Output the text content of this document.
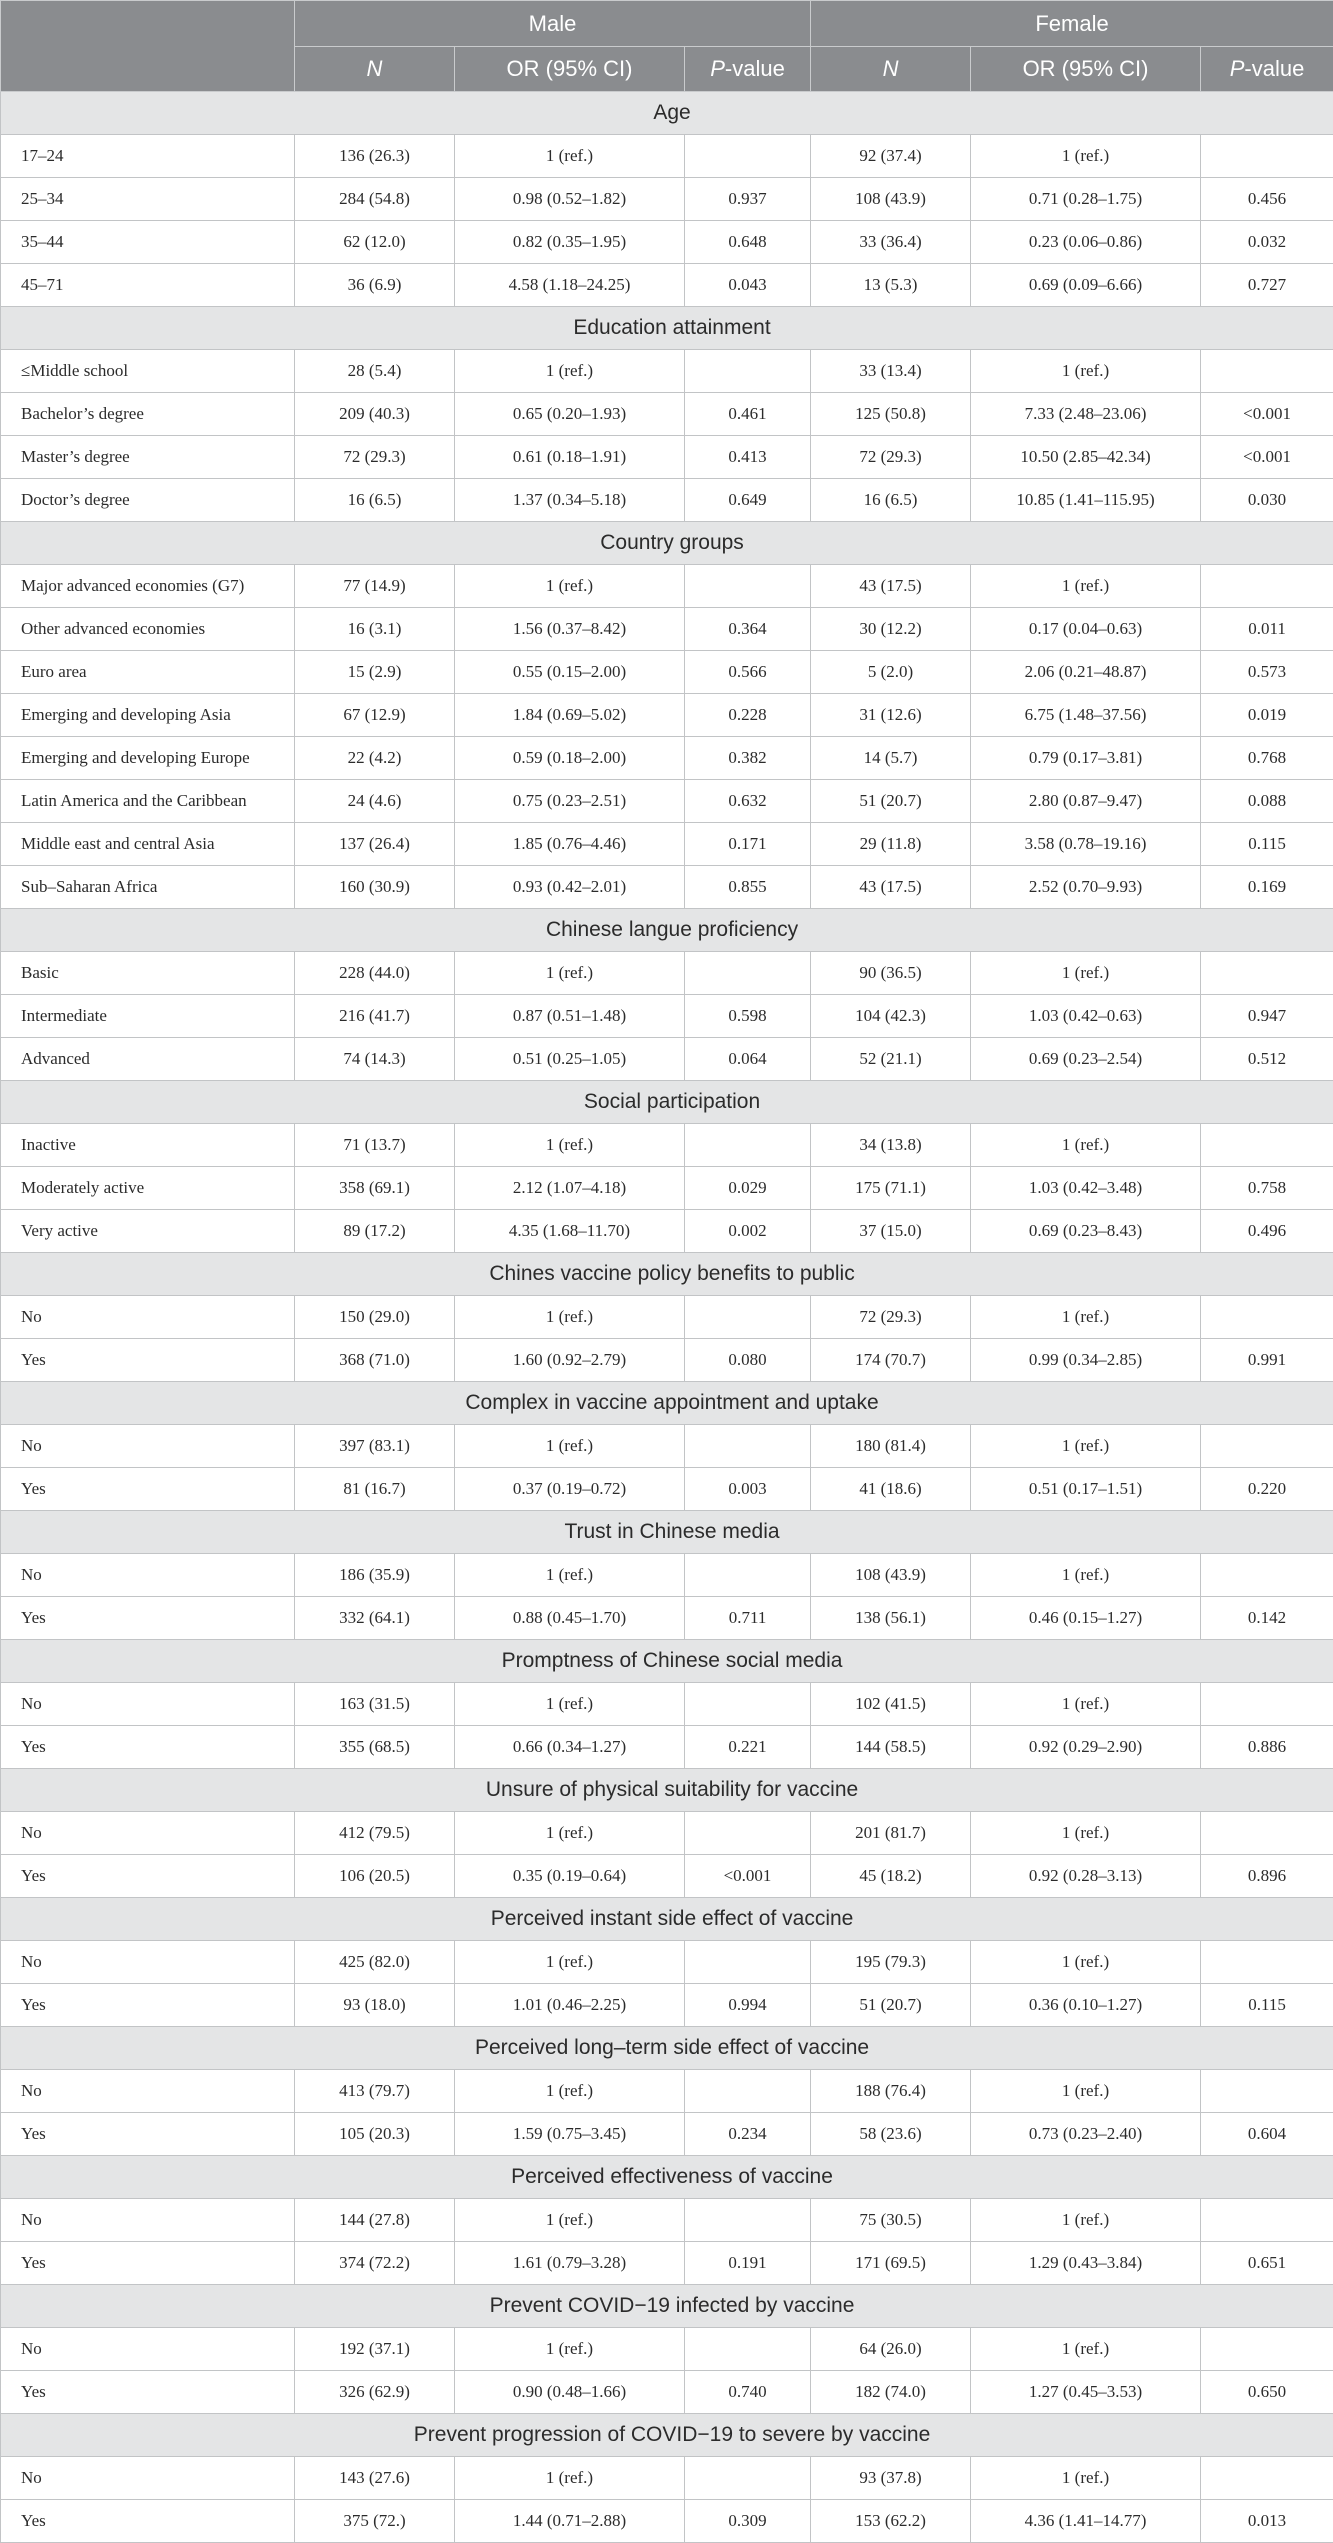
	Male			Female		
	N	OR (95% CI)	P-value	N	OR (95% CI)	P-value
Age						
17–24	136 (26.3)	1 (ref.)		92 (37.4)	1 (ref.)	
25–34	284 (54.8)	0.98 (0.52–1.82)	0.937	108 (43.9)	0.71 (0.28–1.75)	0.456
35–44	62 (12.0)	0.82 (0.35–1.95)	0.648	33 (36.4)	0.23 (0.06–0.86)	0.032
45–71	36 (6.9)	4.58 (1.18–24.25)	0.043	13 (5.3)	0.69 (0.09–6.66)	0.727
Education attainment						
≤Middle school	28 (5.4)	1 (ref.)		33 (13.4)	1 (ref.)	
Bachelor’s degree	209 (40.3)	0.65 (0.20–1.93)	0.461	125 (50.8)	7.33 (2.48–23.06)	<0.001
Master’s degree	72 (29.3)	0.61 (0.18–1.91)	0.413	72 (29.3)	10.50 (2.85–42.34)	<0.001
Doctor’s degree	16 (6.5)	1.37 (0.34–5.18)	0.649	16 (6.5)	10.85 (1.41–115.95)	0.030
Country groups						
Major advanced economies (G7)	77 (14.9)	1 (ref.)		43 (17.5)	1 (ref.)	
Other advanced economies	16 (3.1)	1.56 (0.37–8.42)	0.364	30 (12.2)	0.17 (0.04–0.63)	0.011
Euro area	15 (2.9)	0.55 (0.15–2.00)	0.566	5 (2.0)	2.06 (0.21–48.87)	0.573
Emerging and developing Asia	67 (12.9)	1.84 (0.69–5.02)	0.228	31 (12.6)	6.75 (1.48–37.56)	0.019
Emerging and developing Europe	22 (4.2)	0.59 (0.18–2.00)	0.382	14 (5.7)	0.79 (0.17–3.81)	0.768
Latin America and the Caribbean	24 (4.6)	0.75 (0.23–2.51)	0.632	51 (20.7)	2.80 (0.87–9.47)	0.088
Middle east and central Asia	137 (26.4)	1.85 (0.76–4.46)	0.171	29 (11.8)	3.58 (0.78–19.16)	0.115
Sub–Saharan Africa	160 (30.9)	0.93 (0.42–2.01)	0.855	43 (17.5)	2.52 (0.70–9.93)	0.169
Chinese langue proficiency						
Basic	228 (44.0)	1 (ref.)		90 (36.5)	1 (ref.)	
Intermediate	216 (41.7)	0.87 (0.51–1.48)	0.598	104 (42.3)	1.03 (0.42–0.63)	0.947
Advanced	74 (14.3)	0.51 (0.25–1.05)	0.064	52 (21.1)	0.69 (0.23–2.54)	0.512
Social participation						
Inactive	71 (13.7)	1 (ref.)		34 (13.8)	1 (ref.)	
Moderately active	358 (69.1)	2.12 (1.07–4.18)	0.029	175 (71.1)	1.03 (0.42–3.48)	0.758
Very active	89 (17.2)	4.35 (1.68–11.70)	0.002	37 (15.0)	0.69 (0.23–8.43)	0.496
Chines vaccine policy benefits to public						
No	150 (29.0)	1 (ref.)		72 (29.3)	1 (ref.)	
Yes	368 (71.0)	1.60 (0.92–2.79)	0.080	174 (70.7)	0.99 (0.34–2.85)	0.991
Complex in vaccine appointment and uptake						
No	397 (83.1)	1 (ref.)		180 (81.4)	1 (ref.)	
Yes	81 (16.7)	0.37 (0.19–0.72)	0.003	41 (18.6)	0.51 (0.17–1.51)	0.220
Trust in Chinese media						
No	186 (35.9)	1 (ref.)		108 (43.9)	1 (ref.)	
Yes	332 (64.1)	0.88 (0.45–1.70)	0.711	138 (56.1)	0.46 (0.15–1.27)	0.142
Promptness of Chinese social media						
No	163 (31.5)	1 (ref.)		102 (41.5)	1 (ref.)	
Yes	355 (68.5)	0.66 (0.34–1.27)	0.221	144 (58.5)	0.92 (0.29–2.90)	0.886
Unsure of physical suitability for vaccine						
No	412 (79.5)	1 (ref.)		201 (81.7)	1 (ref.)	
Yes	106 (20.5)	0.35 (0.19–0.64)	<0.001	45 (18.2)	0.92 (0.28–3.13)	0.896
Perceived instant side effect of vaccine						
No	425 (82.0)	1 (ref.)		195 (79.3)	1 (ref.)	
Yes	93 (18.0)	1.01 (0.46–2.25)	0.994	51 (20.7)	0.36 (0.10–1.27)	0.115
Perceived long–term side effect of vaccine						
No	413 (79.7)	1 (ref.)		188 (76.4)	1 (ref.)	
Yes	105 (20.3)	1.59 (0.75–3.45)	0.234	58 (23.6)	0.73 (0.23–2.40)	0.604
Perceived effectiveness of vaccine						
No	144 (27.8)	1 (ref.)		75 (30.5)	1 (ref.)	
Yes	374 (72.2)	1.61 (0.79–3.28)	0.191	171 (69.5)	1.29 (0.43–3.84)	0.651
Prevent COVID−19 infected by vaccine						
No	192 (37.1)	1 (ref.)		64 (26.0)	1 (ref.)	
Yes	326 (62.9)	0.90 (0.48–1.66)	0.740	182 (74.0)	1.27 (0.45–3.53)	0.650
Prevent progression of COVID−19 to severe by vaccine						
No	143 (27.6)	1 (ref.)		93 (37.8)	1 (ref.)	
Yes	375 (72.)	1.44 (0.71–2.88)	0.309	153 (62.2)	4.36 (1.41–14.77)	0.013
